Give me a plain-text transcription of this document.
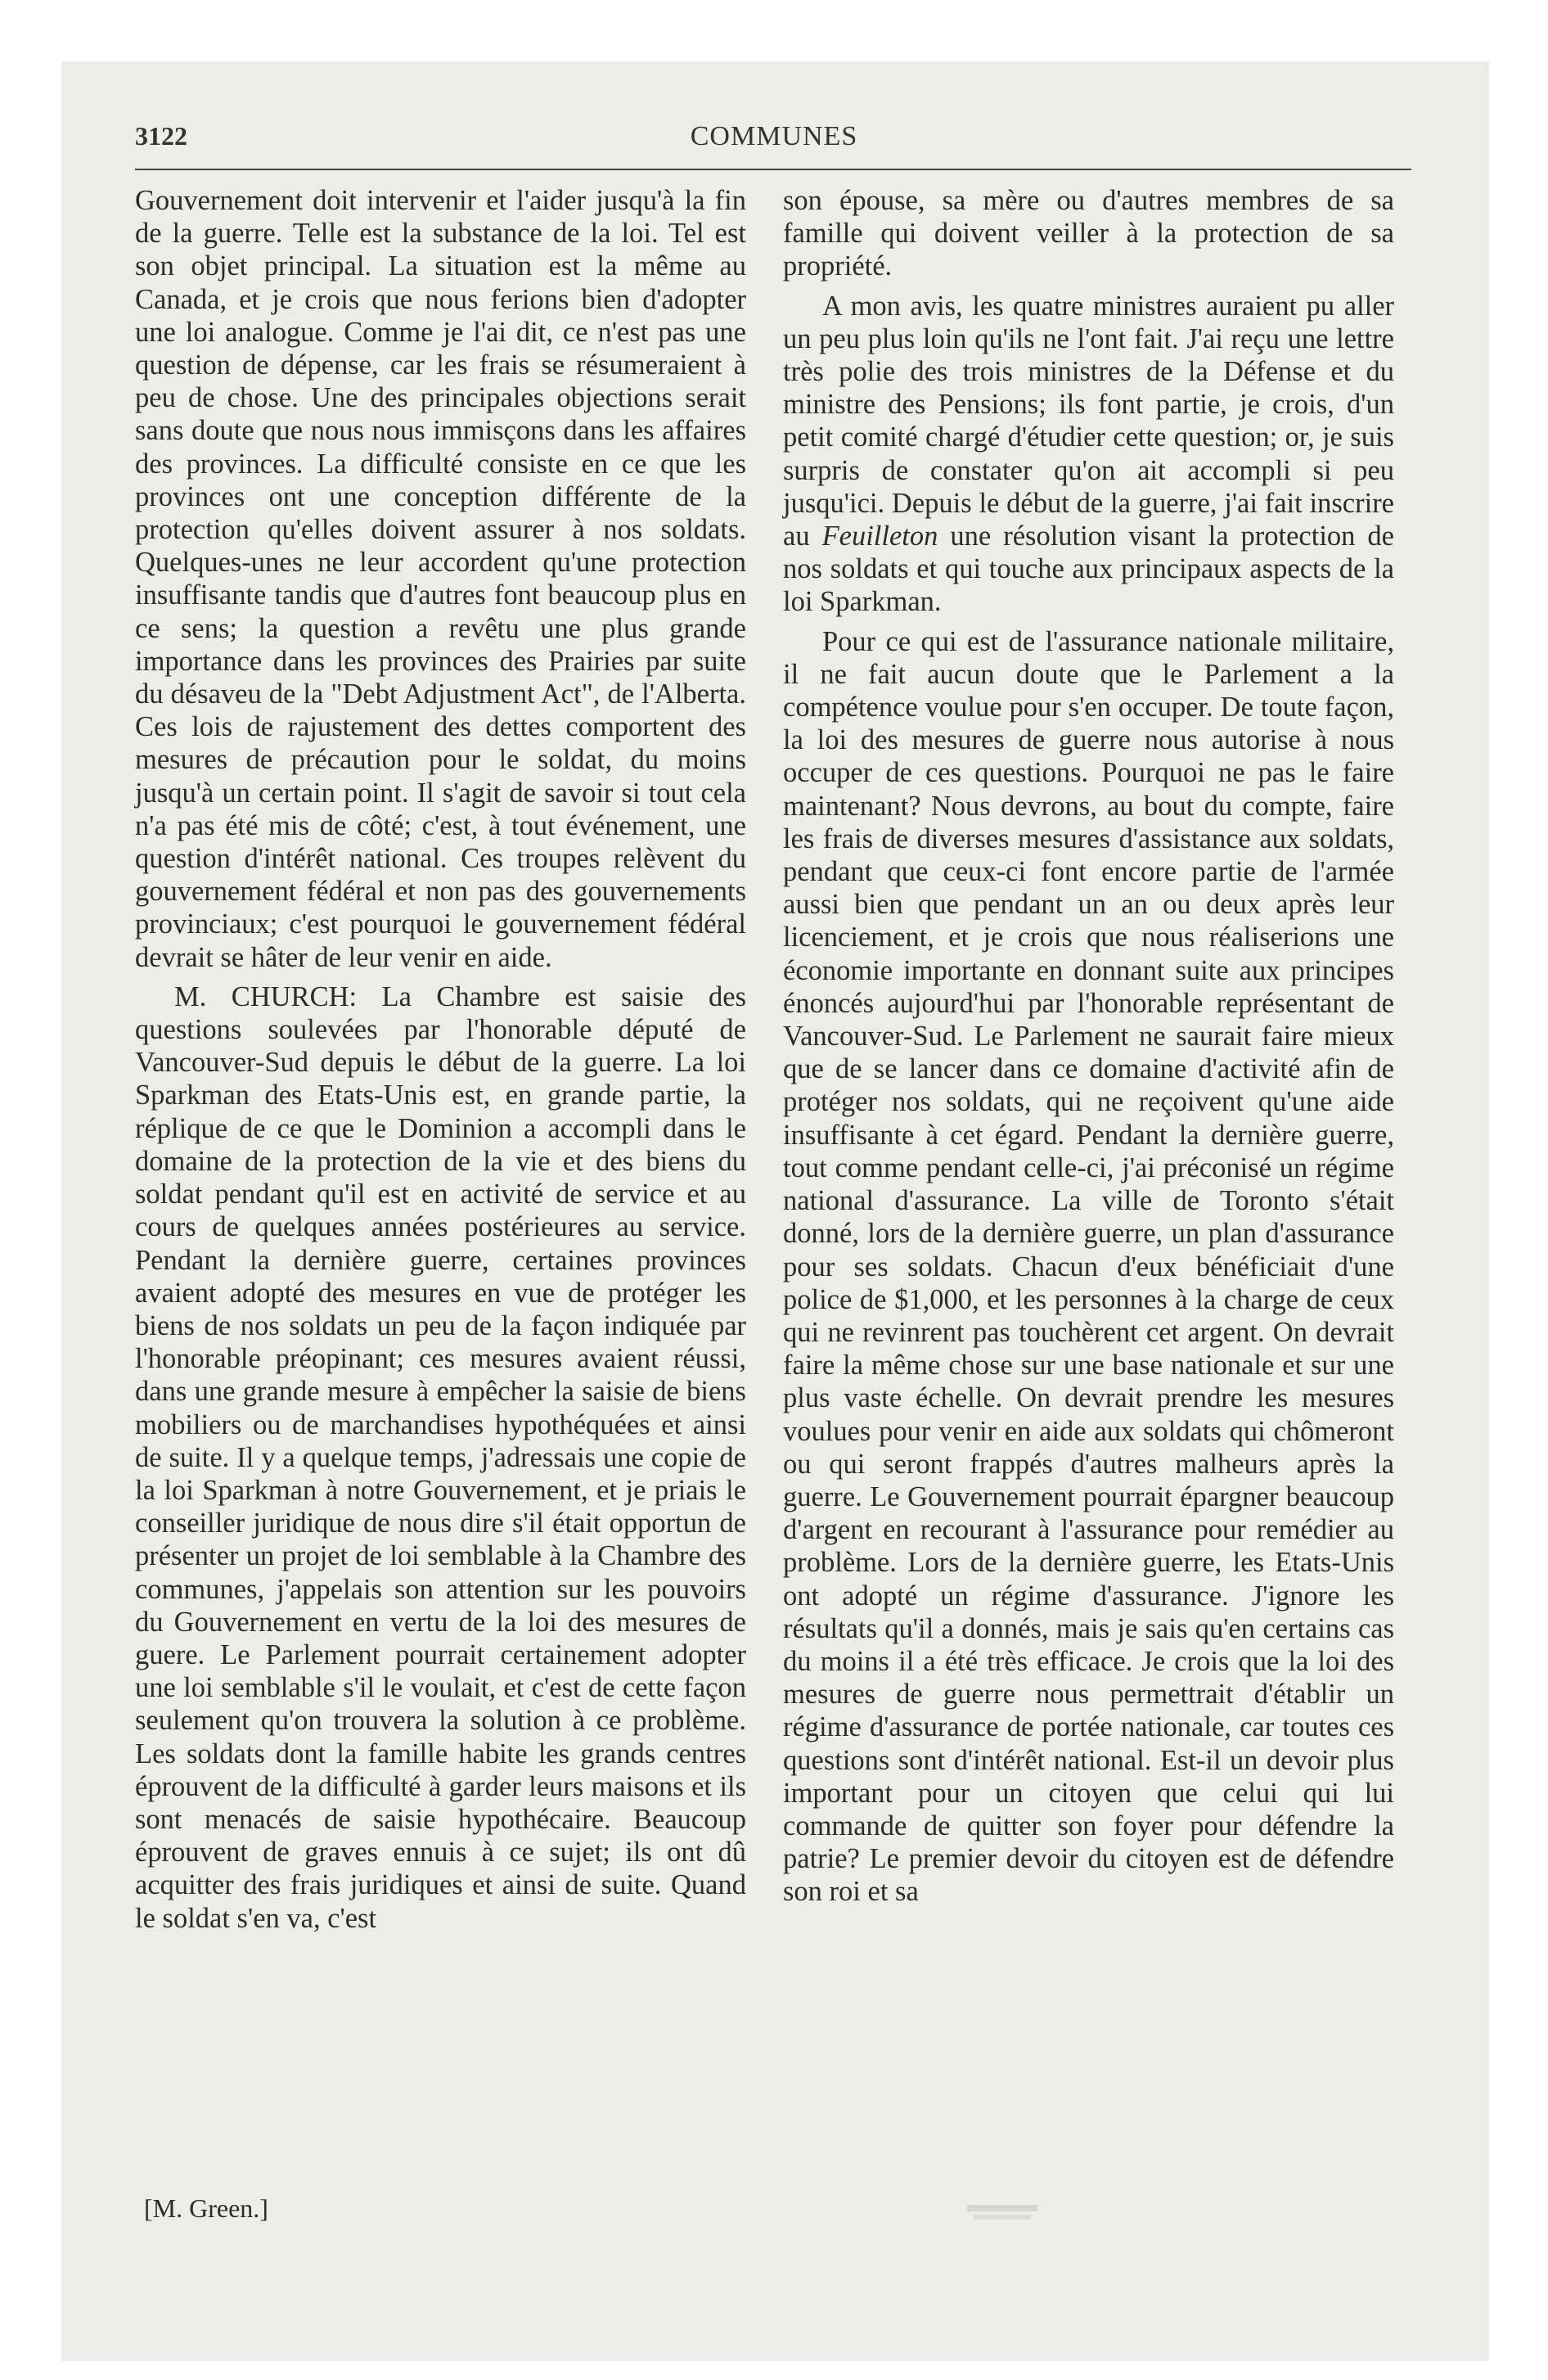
3122	COMMUNES

Gouvernement doit intervenir et l'aider jusqu'à la fin de la guerre. Telle est la substance de la loi. Tel est son objet principal. La situation est la même au Canada, et je crois que nous ferions bien d'adopter une loi analogue. Comme je l'ai dit, ce n'est pas une question de dépense, car les frais se résumeraient à peu de chose. Une des principales objections serait sans doute que nous nous immisçons dans les affaires des provinces. La difficulté consiste en ce que les provinces ont une conception différente de la protection qu'elles doivent assurer à nos soldats. Quelques-unes ne leur accordent qu'une protection insuffisante tandis que d'autres font beaucoup plus en ce sens; la question a revêtu une plus grande importance dans les provinces des Prairies par suite du désaveu de la "Debt Adjustment Act", de l'Alberta. Ces lois de rajustement des dettes comportent des mesures de précaution pour le soldat, du moins jusqu'à un certain point. Il s'agit de savoir si tout cela n'a pas été mis de côté; c'est, à tout événement, une question d'intérêt national. Ces troupes relèvent du gouvernement fédéral et non pas des gouvernements provinciaux; c'est pourquoi le gouvernement fédéral devrait se hâter de leur venir en aide.

M. CHURCH: La Chambre est saisie des questions soulevées par l'honorable député de Vancouver-Sud depuis le début de la guerre. La loi Sparkman des Etats-Unis est, en grande partie, la réplique de ce que le Dominion a accompli dans le domaine de la protection de la vie et des biens du soldat pendant qu'il est en activité de service et au cours de quelques années postérieures au service. Pendant la dernière guerre, certaines provinces avaient adopté des mesures en vue de protéger les biens de nos soldats un peu de la façon indiquée par l'honorable préopinant; ces mesures avaient réussi, dans une grande mesure à empêcher la saisie de biens mobiliers ou de marchandises hypothéquées et ainsi de suite. Il y a quelque temps, j'adressais une copie de la loi Sparkman à notre Gouvernement, et je priais le conseiller juridique de nous dire s'il était opportun de présenter un projet de loi semblable à la Chambre des communes, j'appelais son attention sur les pouvoirs du Gouvernement en vertu de la loi des mesures de guere. Le Parlement pourrait certainement adopter une loi semblable s'il le voulait, et c'est de cette façon seulement qu'on trouvera la solution à ce problème. Les soldats dont la famille habite les grands centres éprouvent de la difficulté à garder leurs maisons et ils sont menacés de saisie hypothécaire. Beaucoup éprouvent de graves ennuis à ce sujet; ils ont dû acquitter des frais juridiques et ainsi de suite. Quand le soldat s'en va, c'est

son épouse, sa mère ou d'autres membres de sa famille qui doivent veiller à la protection de sa propriété.

A mon avis, les quatre ministres auraient pu aller un peu plus loin qu'ils ne l'ont fait. J'ai reçu une lettre très polie des trois ministres de la Défense et du ministre des Pensions; ils font partie, je crois, d'un petit comité chargé d'étudier cette question; or, je suis surpris de constater qu'on ait accompli si peu jusqu'ici. Depuis le début de la guerre, j'ai fait inscrire au Feuilleton une résolution visant la protection de nos soldats et qui touche aux principaux aspects de la loi Sparkman.

Pour ce qui est de l'assurance nationale militaire, il ne fait aucun doute que le Parlement a la compétence voulue pour s'en occuper. De toute façon, la loi des mesures de guerre nous autorise à nous occuper de ces questions. Pourquoi ne pas le faire maintenant? Nous devrons, au bout du compte, faire les frais de diverses mesures d'assistance aux soldats, pendant que ceux-ci font encore partie de l'armée aussi bien que pendant un an ou deux après leur licenciement, et je crois que nous réaliserions une économie importante en donnant suite aux principes énoncés aujourd'hui par l'honorable représentant de Vancouver-Sud. Le Parlement ne saurait faire mieux que de se lancer dans ce domaine d'activité afin de protéger nos soldats, qui ne reçoivent qu'une aide insuffisante à cet égard. Pendant la dernière guerre, tout comme pendant celle-ci, j'ai préconisé un régime national d'assurance. La ville de Toronto s'était donné, lors de la dernière guerre, un plan d'assurance pour ses soldats. Chacun d'eux bénéficiait d'une police de $1,000, et les personnes à la charge de ceux qui ne revinrent pas touchèrent cet argent. On devrait faire la même chose sur une base nationale et sur une plus vaste échelle. On devrait prendre les mesures voulues pour venir en aide aux soldats qui chômeront ou qui seront frappés d'autres malheurs après la guerre. Le Gouvernement pourrait épargner beaucoup d'argent en recourant à l'assurance pour remédier au problème. Lors de la dernière guerre, les Etats-Unis ont adopté un régime d'assurance. J'ignore les résultats qu'il a donnés, mais je sais qu'en certains cas du moins il a été très efficace. Je crois que la loi des mesures de guerre nous permettrait d'établir un régime d'assurance de portée nationale, car toutes ces questions sont d'intérêt national. Est-il un devoir plus important pour un citoyen que celui qui lui commande de quitter son foyer pour défendre la patrie? Le premier devoir du citoyen est de défendre son roi et sa

[M. Green.]
